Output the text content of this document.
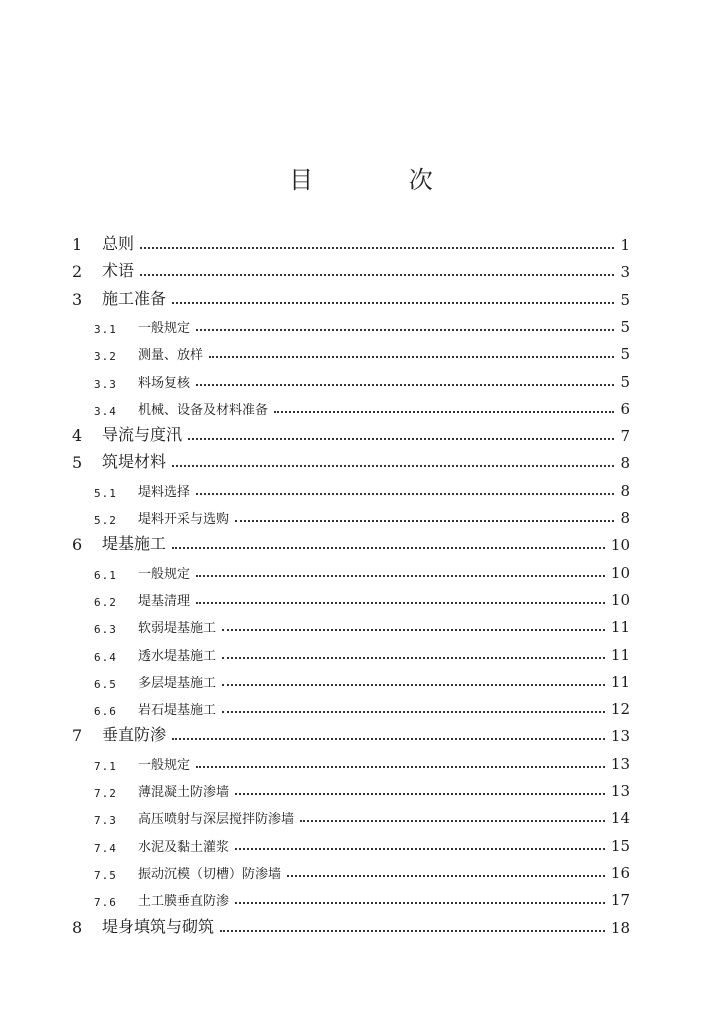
目 次
1	总则	1
2	术语	3
3	施工准备	5
3.1	一般规定	5
3.2	测量、放样	5
3.3	料场复核	5
3.4	机械、设备及材料准备	6
4	导流与度汛	7
5	筑堤材料	8
5.1	堤料选择	8
5.2	堤料开采与选购	8
6	堤基施工	10
6.1	一般规定	10
6.2	堤基清理	10
6.3	软弱堤基施工	11
6.4	透水堤基施工	11
6.5	多层堤基施工	11
6.6	岩石堤基施工	12
7	垂直防渗	13
7.1	一般规定	13
7.2	薄混凝土防渗墙	13
7.3	高压喷射与深层搅拌防渗墙	14
7.4	水泥及黏土灌浆	15
7.5	振动沉模（切槽）防渗墙	16
7.6	土工膜垂直防渗	17
8	堤身填筑与砌筑	18
